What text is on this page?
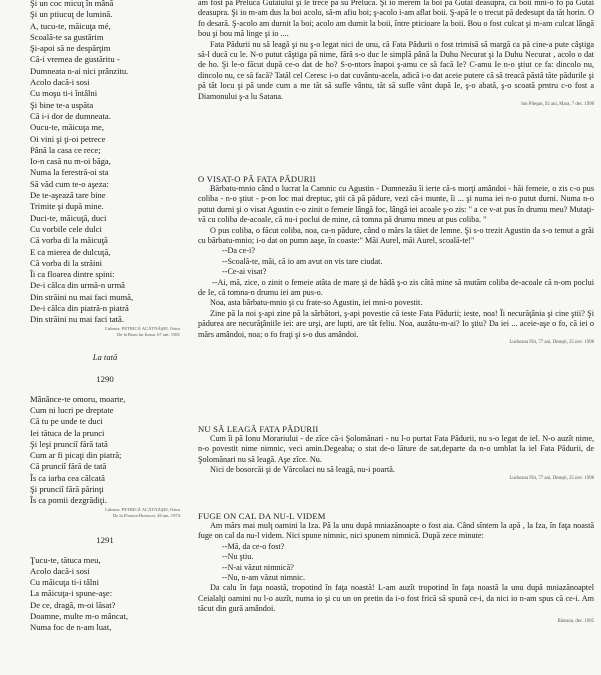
Şi un coc micuţ în mână
Şi un ptiucuţ de lumină.
A, tucu-te, măicuţa mé,
Scoală-te sa gustărim
Şi-apoi să ne despărţim
Că-i vremea de gustăritu -
Dumneata n-ai nici prânzitu.
Acolo dacă-i sosi
Cu moşu ti-i întâlni
Şi bine te-a uspăta
Că i-i dor de dumneata.
Oucu-te, măicuţa me,
Oi vini şi ţi-oi petrece
Până la casa ce rece;
Io-n casă nu m-oi băga,
Numa la ferestră-oi sta
Să văd cum te-o aşeza:
De te-aşează tare bine
Trimite şi după mine.
Duci-te, măicuţă, duci
Cu vorbile cele dulci
Că vorba di la măicuţă
E ca mierea de dulcuţă,
Că vorba di la străini
Îi ca floarea dintre spini:
De-i călca din urmă-n urmă
Din străini nu mai faci mumă,
De-i călca din piatră-n piatră
Din străini nu mai faci tată.
Culeasa: PETRICĂ ACĂTNĂŞEI, Ostra
De la Rusu lui Ioana, 67 ani, 1981
La tată
1290
Mânânce-te omoru, moarte,
Cum ni lucri pe dreptate
Că tu pe unde te duci
Iei tătuca de la prunci
Şi leşi prunciî fără tată
Cum ar fi picaţi din piatră;
Că prunciî fără de tată
Îs ca iarba cea călcată
Şi prunciî fără părinţi
Îs ca pomii dezgrădiţi.
Culeasa: PETRICĂ ACĂTNĂŞEI, Ostra
De la Floarea Horincai, 46 ani, 1974
1291
Ţucu-te, tătuca meu,
Acolo dacă-i sosi
Cu măicuţa ti-i tâlni
La măicuţa-i spune-aşe:
De ce, dragă, m-oi lăsat?
Doamne, multe m-o mâncat,
Numa foc de n-am luat,
am fost pă Preluca Gutăiului şi le trece pă su Preluca. Şi io merem la boi pă Gutăi deasupra, că boii mni-o fo pă Gutăi deasupra. Şi io m-am dus la boi acolo, să-m afiu boi; ş-acolo i-am aflat boii. Ş-apă le o trecut pă dedesupt da tăt horin. O fo desară. Ş-acolo am durnit la boi; acolo am durnit la boii, între pticioare la boii. Bou o fost culcat şi m-am culcat lângă bou şi bou mă linge şi io ....
Fata Pădurii nu să leagă şi nu ş-o legat nici de unu, că Fata Pădurii o fost trimisă să margă ca pă cine-a pute câştiga să-l ducă cu le. N-o putut câştiga pă nime, fără s-o duc le simplă până la Duhu Necurat şi la Duhu Necurat , acolo o dat de ho. Şi le-o făcut după ce-o dat de ho? S-o-ntors înapoi ş-amu ce să facă Ie? C-amu Ie n-o ştiut ce fa: dincolo nu, dincolo nu, ce să facă? Tatăl cel Ceresc i-o dat cuvântu-acela, adică i-o dat aceie putere că să treacă păstă tăte pădurile şi pă tăt locu şi pă unde cum a me tăt să sufle vântu, tăt să sufle vânt după Ie, ş-o abată, ş-o scoată prntru c-o fost a Diamonului ş-a lu Satana.
Ion Pileşan, 92 ani, Mara, 7 dec. 1998
O VISAT-O PĂ FATA PĂDURII
Bărbatu-mnio când o lucrat la Camnic cu Agustin - Dumnezău îi ierte că-s morţi amândoi - hăi femeie, o zis c-o pus coliba - n-o ştiut - p-on loc mai dreptuc, ştii că pă pădure, vezi că-i munte, îi ... şi numa iei n-o putut durni. Numa n-o putut durni şi o visat Agustin c-o zinit o femeie lângă foc, lângă iei acoale ş-o zis: " a ce v-at pus în drumu meu? Mutaţi-vă cu coliba de-acoale, că nu-i poclui de mine, că tomna pă drumu mneu at pus coliba. "
O pus coliba, o făcut coliba, noa, ca-n pădure, când o mărs la tăiet de lemne. Şi s-o trezit Agustin da s-o temut a grăi cu bărbatu-mnio; i-o dat on pumn aaşe, în coaste:" Măi Aurel, măi Aurel, scoală-te!"
--Da ce-i?
--Scoală-te, măi, că io am avut on vis tare ciudat.
--Ce-ai visat?
--Ai, mă, zice, o zinit o femeie atâta de mare şi de hădă ş-o zis câtă mine să mutăm coliba de-acoale că n-om poclui de Ie, că tomna-n drumu iei am pus-o.
Noa, asta bărbatu-mnio şi cu frate-so Agustin, iei mni-o povestit.
Zine pă la noi ş-api zine pă la sărbători, ş-api povestie că ieste Fata Pădurii; ieste, noa! Îi necurăţânia şi cine ştii? Şi pădurea are necurăţâniile iei: are urşi, are lupti, are tăt feliu. Noa, auzâtu-m-ai? Io ştiu? Da iei ... aceie-aşe o fo, că iei o mărs amândoi, noa; o fo fraţi şi s-o dus amândoi.
Lucheana Flit, 77 ani, Deseşti, 25 nov. 1998
NU SĂ LEAGĂ FATA PĂDURII
Cum îi pă Ionu Morariului - de zîce că-i Şolomănari - nu l-o purtat Fata Pădurii, nu s-o legat de iel. N-o auzît nime, n-o povestit nime nimnic, veci amin.Degeaba; o stat de-o lăture de sat,departe da n-o umblat la iel Fata Pădurii, de Şolomănari nu să leagă. Aşe zîce. Nu.
Nici de bosorcăi şi de Vărcolaci nu să leagă, nu-i poartă.
Lucheana Flit, 77 ani, Deseşti, 25 nov. 1998
FUGE ON CAL DA NU-L VIDEM
Am mărs mai mulţ oamini la Iza. Pă la unu după mniazănoapte o fost aia. Când sîntem la apă , la Iza, în faţa noastă fuge on cal da nu-l videm. Nici spune nimnic, nici spunem nimnică. După zece minute:
--Mă, da ce-o fost?
--Nu ştiu.
--N-ai văzut nimnică?
--Nu, n-am văzut nimnic.
Da calu în faţa noastă, tropotind în faţa noastă! L-am auzît tropotind în faţa noastă la unu după mniazănoaptel Ceialalţi oamini nu l-o auzît, numa io şi cu un on pretin da i-o fost frică să spună ce-i, da nici io n-am spus că ce-i. Am tăcut din gură amândoi.
Bărsana, dec. 1985
